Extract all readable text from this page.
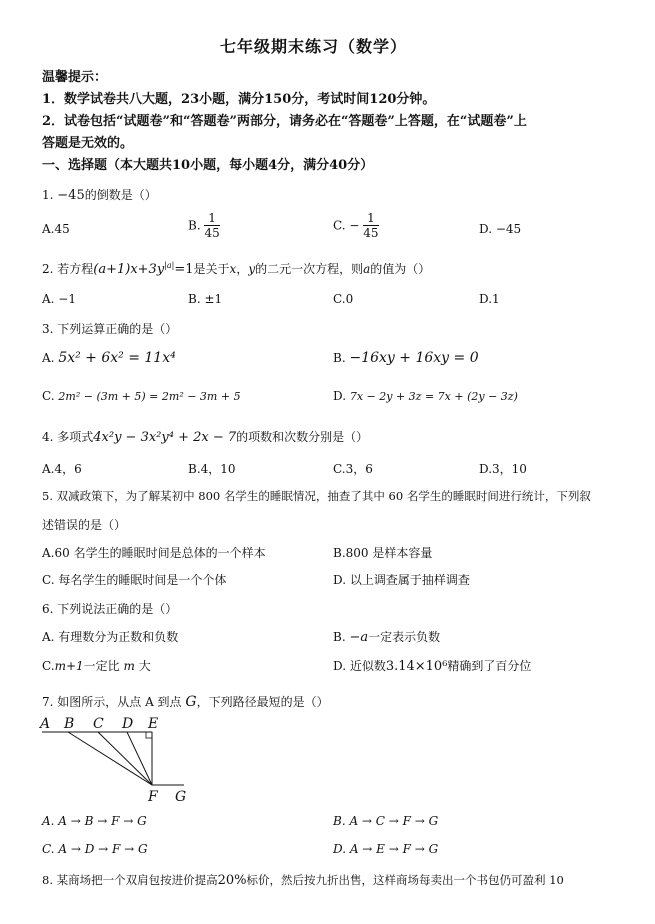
七年级期末练习（数学）
温馨提示：
1．数学试卷共八大题，23小题，满分150分，考试时间120分钟。
2．试卷包括“试题卷”和“答题卷”两部分，请务必在“答题卷”上答题，在“试题卷”上
答题是无效的。
一、选择题（本大题共10小题，每小题4分，满分40分）
1. −45的倒数是（）
A.45	B. $\frac{1}{45}$	C. − $\frac{1}{45}$	D. −45
2. 若方程$(a+1)x+3y^{|a|}=1$是关于x，y的二元一次方程，则a的值为（）
A. −1	B. ±1	C.0	D.1
3. 下列运算正确的是（）
A. 5x² + 6x² = 11x⁴	B. −16xy + 16xy = 0
C. 2m² − (3m + 5) = 2m² − 3m + 5	D. 7x − 2y + 3z = 7x + (2y − 3z)
4. 多项式4x²y − 3x²y⁴ + 2x − 7的项数和次数分别是（）
A.4，6	B.4，10	C.3，6	D.3，10
5. 双减政策下，为了解某初中 800 名学生的睡眠情况，抽查了其中 60 名学生的睡眠时间进行统计，下列叙
述错误的是（）
A.60 名学生的睡眠时间是总体的一个样本	B.800 是样本容量
C. 每名学生的睡眠时间是一个个体	D. 以上调查属于抽样调查
6. 下列说法正确的是（）
A. 有理数分为正数和负数	B. −a一定表示负数
C.m+1一定比 m 大	D. 近似数3.14×10⁶精确到了百分位
7. 如图所示，从点 A 到点 G，下列路径最短的是（）
A B C D E
F G
A. A → B → F → G	B. A → C → F → G
C. A → D → F → G	D. A → E → F → G
8. 某商场把一个双肩包按进价提高20%标价，然后按九折出售，这样商场每卖出一个书包仍可盈利 10
